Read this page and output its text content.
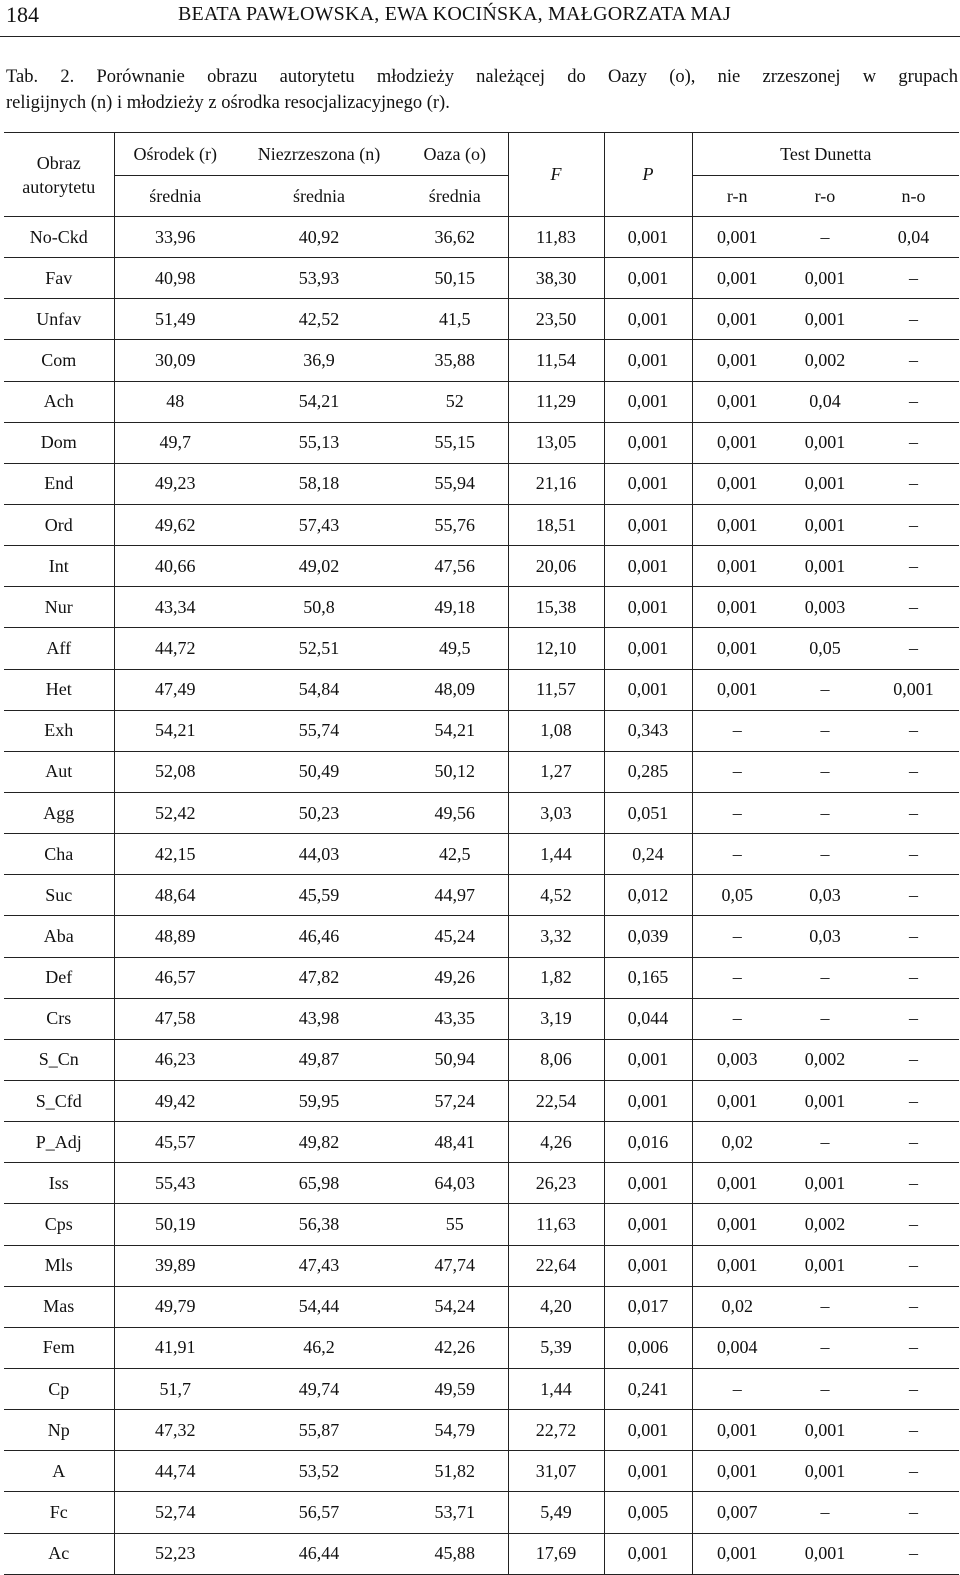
184	BEATA PAWŁOWSKA, EWA KOCIŃSKA, MAŁGORZATA MAJ
Tab. 2. Porównanie obrazu autorytetu młodzieży należącej do Oazy (o), nie zrzeszonej w grupach
religijnych (n) i młodzieży z ośrodka resocjalizacyjnego (r).
Obraz autorytetu	Ośrodek (r)	Niezrzeszona (n)	Oaza (o)	F	P	Test Dunetta		
	średnia	średnia	średnia			r-n	r-o	n-o
No-Ckd	33,96	40,92	36,62	11,83	0,001	0,001	–	0,04
Fav	40,98	53,93	50,15	38,30	0,001	0,001	0,001	–
Unfav	51,49	42,52	41,5	23,50	0,001	0,001	0,001	–
Com	30,09	36,9	35,88	11,54	0,001	0,001	0,002	–
Ach	48	54,21	52	11,29	0,001	0,001	0,04	–
Dom	49,7	55,13	55,15	13,05	0,001	0,001	0,001	–
End	49,23	58,18	55,94	21,16	0,001	0,001	0,001	–
Ord	49,62	57,43	55,76	18,51	0,001	0,001	0,001	–
Int	40,66	49,02	47,56	20,06	0,001	0,001	0,001	–
Nur	43,34	50,8	49,18	15,38	0,001	0,001	0,003	–
Aff	44,72	52,51	49,5	12,10	0,001	0,001	0,05	–
Het	47,49	54,84	48,09	11,57	0,001	0,001	–	0,001
Exh	54,21	55,74	54,21	1,08	0,343	–	–	–
Aut	52,08	50,49	50,12	1,27	0,285	–	–	–
Agg	52,42	50,23	49,56	3,03	0,051	–	–	–
Cha	42,15	44,03	42,5	1,44	0,24	–	–	–
Suc	48,64	45,59	44,97	4,52	0,012	0,05	0,03	–
Aba	48,89	46,46	45,24	3,32	0,039	–	0,03	–
Def	46,57	47,82	49,26	1,82	0,165	–	–	–
Crs	47,58	43,98	43,35	3,19	0,044	–	–	–
S_Cn	46,23	49,87	50,94	8,06	0,001	0,003	0,002	–
S_Cfd	49,42	59,95	57,24	22,54	0,001	0,001	0,001	–
P_Adj	45,57	49,82	48,41	4,26	0,016	0,02	–	–
Iss	55,43	65,98	64,03	26,23	0,001	0,001	0,001	–
Cps	50,19	56,38	55	11,63	0,001	0,001	0,002	–
Mls	39,89	47,43	47,74	22,64	0,001	0,001	0,001	–
Mas	49,79	54,44	54,24	4,20	0,017	0,02	–	–
Fem	41,91	46,2	42,26	5,39	0,006	0,004	–	–
Cp	51,7	49,74	49,59	1,44	0,241	–	–	–
Np	47,32	55,87	54,79	22,72	0,001	0,001	0,001	–
A	44,74	53,52	51,82	31,07	0,001	0,001	0,001	–
Fc	52,74	56,57	53,71	5,49	0,005	0,007	–	–
Ac	52,23	46,44	45,88	17,69	0,001	0,001	0,001	–
